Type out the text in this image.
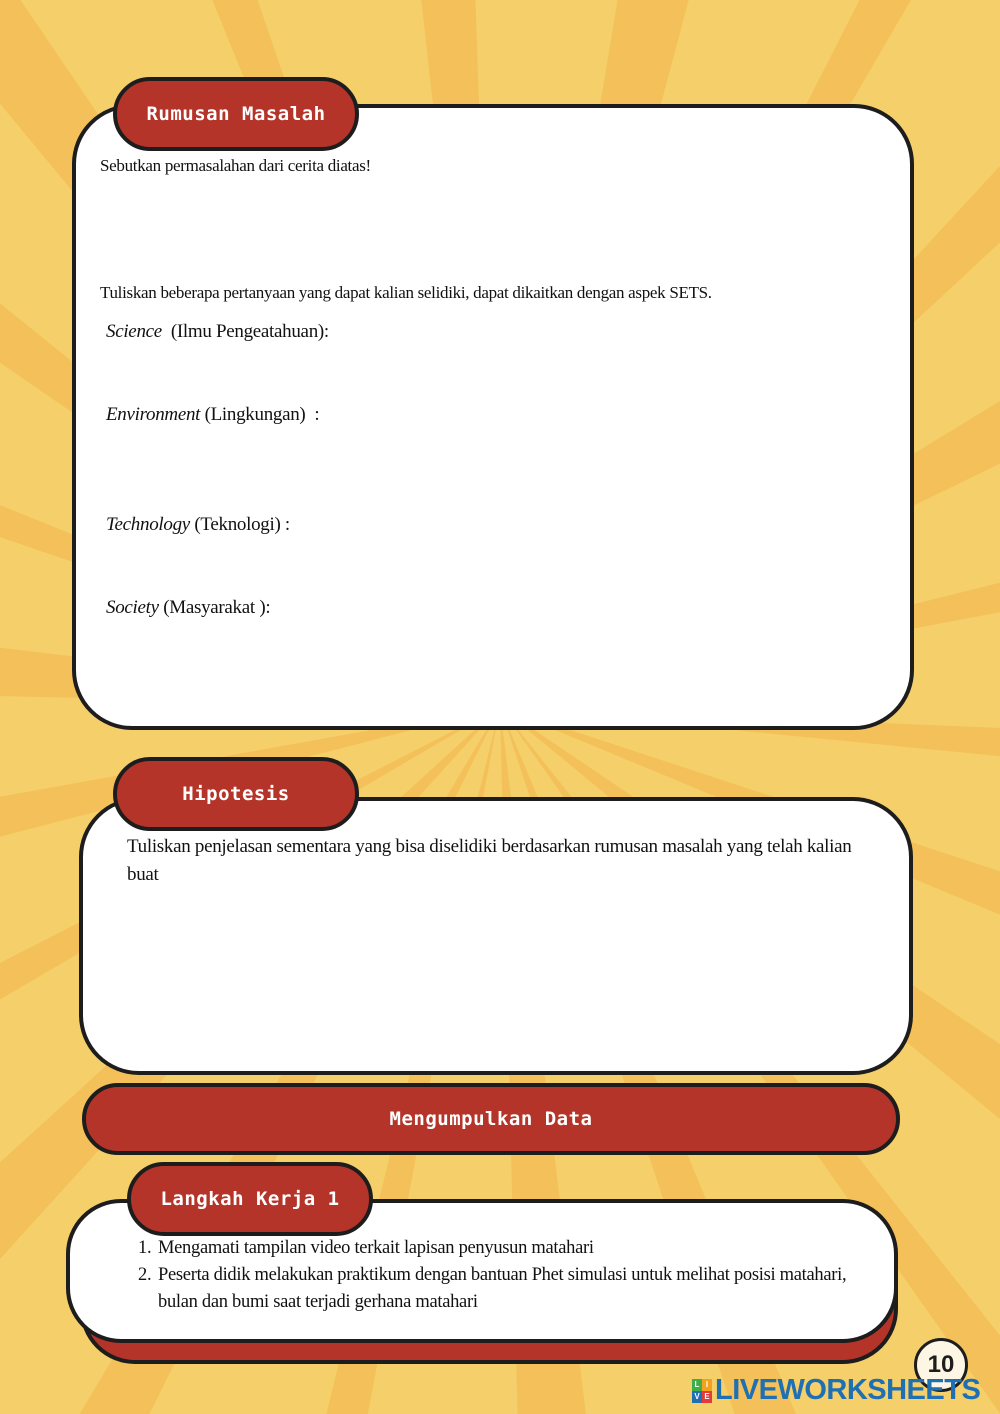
Rumusan Masalah
Sebutkan permasalahan dari cerita diatas!
Tuliskan beberapa pertanyaan yang dapat kalian selidiki, dapat dikaitkan dengan aspek SETS.
Science  (Ilmu Pengeatahuan):
Environment (Lingkungan)  :
Technology (Teknologi) :
Society (Masyarakat ):
Hipotesis
Tuliskan penjelasan sementara yang bisa diselidiki berdasarkan rumusan masalah yang telah kalian buat
Mengumpulkan Data
Langkah Kerja 1
1. Mengamati tampilan video terkait lapisan penyusun matahari
2. Peserta didik melakukan praktikum dengan bantuan Phet simulasi untuk melihat posisi matahari, bulan dan bumi saat terjadi gerhana matahari
10
L I
V E LIVEWORKSHEETS
